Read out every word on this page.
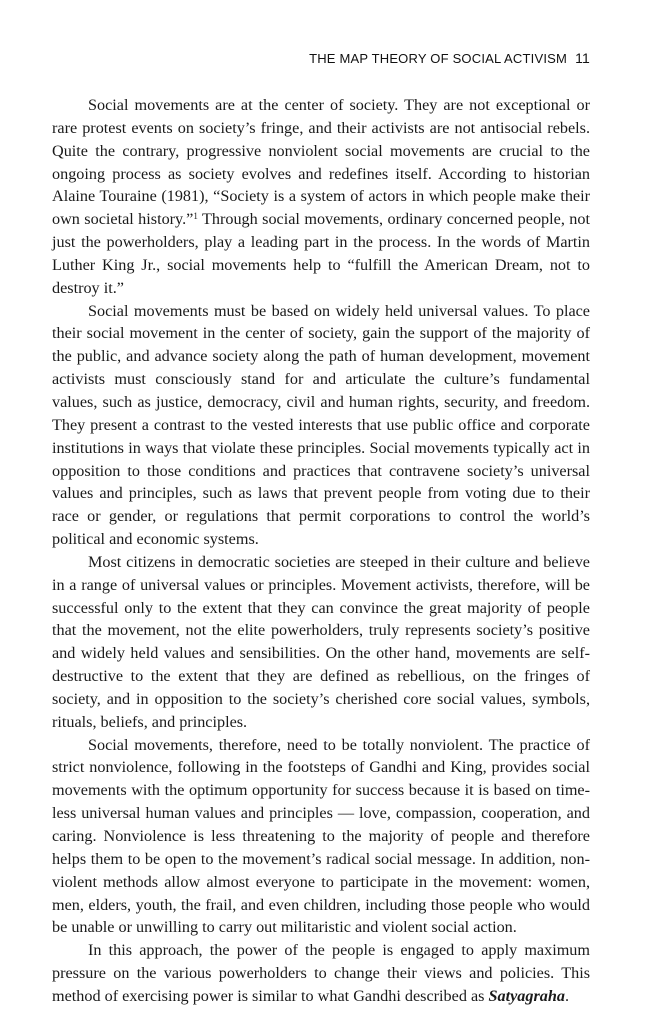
THE MAP THEORY OF SOCIAL ACTIVISM 11

Social movements are at the center of society. They are not exceptional or rare protest events on society’s fringe, and their activists are not antisocial rebels. Quite the contrary, progressive nonviolent social movements are crucial to the ongoing process as society evolves and redefines itself. According to historian Alaine Touraine (1981), “Society is a system of actors in which people make their own societal history.”$^1$ Through social movements, ordinary concerned people, not just the powerholders, play a leading part in the process. In the words of Martin Luther King Jr., social movements help to “fulfill the American Dream, not to destroy it.”

Social movements must be based on widely held universal values. To place their social movement in the center of society, gain the support of the majority of the public, and advance society along the path of human development, movement activists must consciously stand for and articulate the culture’s fundamental values, such as justice, democracy, civil and human rights, security, and freedom. They present a contrast to the vested interests that use public office and corporate institutions in ways that violate these principles. Social movements typically act in opposition to those conditions and practices that contravene society’s universal values and principles, such as laws that prevent people from voting due to their race or gender, or regulations that permit corporations to control the world’s political and economic systems.

Most citizens in democratic societies are steeped in their culture and believe in a range of universal values or principles. Movement activists, therefore, will be successful only to the extent that they can convince the great majority of people that the movement, not the elite powerholders, truly represents society’s positive and widely held values and sensibilities. On the other hand, movements are self-destructive to the extent that they are defined as rebellious, on the fringes of society, and in opposition to the society’s cherished core social values, symbols, rituals, beliefs, and principles.

Social movements, therefore, need to be totally nonviolent. The practice of strict nonviolence, following in the footsteps of Gandhi and King, provides social movements with the optimum opportunity for success because it is based on time-less universal human values and principles — love, compassion, cooperation, and caring. Nonviolence is less threatening to the majority of people and therefore helps them to be open to the movement’s radical social message. In addition, non-violent methods allow almost everyone to participate in the movement: women, men, elders, youth, the frail, and even children, including those people who would be unable or unwilling to carry out militaristic and violent social action.

In this approach, the power of the people is engaged to apply maximum pressure on the various powerholders to change their views and policies. This method of exercising power is similar to what Gandhi described as Satyagraha.
